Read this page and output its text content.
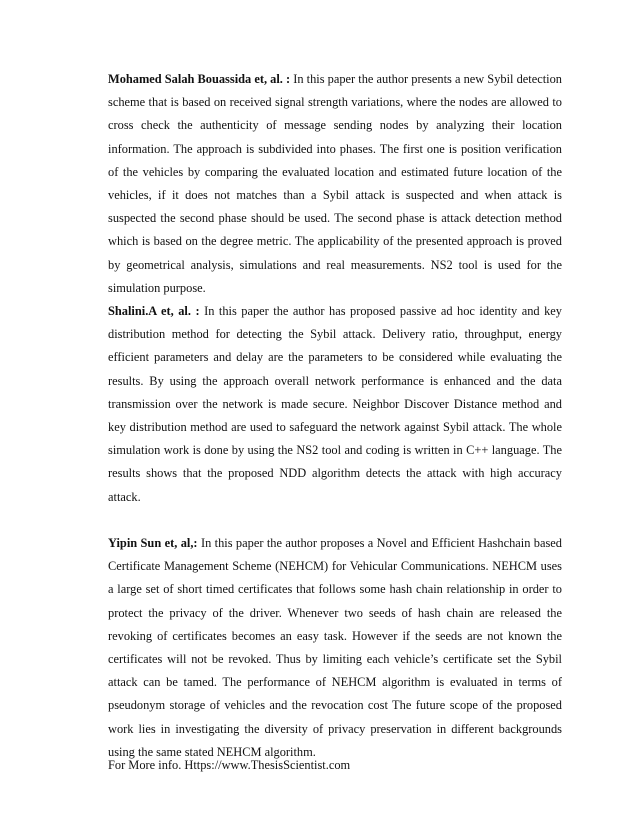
Mohamed Salah Bouassida et, al. : In this paper the author presents a new Sybil detection scheme that is based on received signal strength variations, where the nodes are allowed to cross check the authenticity of message sending nodes by analyzing their location information. The approach is subdivided into phases. The first one is position verification of the vehicles by comparing the evaluated location and estimated future location of the vehicles, if it does not matches than a Sybil attack is suspected and when attack is suspected the second phase should be used. The second phase is attack detection method which is based on the degree metric. The applicability of the presented approach is proved by geometrical analysis, simulations and real measurements. NS2 tool is used for the simulation purpose.

Shalini.A et, al. : In this paper the author has proposed passive ad hoc identity and key distribution method for detecting the Sybil attack. Delivery ratio, throughput, energy efficient parameters and delay are the parameters to be considered while evaluating the results. By using the approach overall network performance is enhanced and the data transmission over the network is made secure. Neighbor Discover Distance method and key distribution method are used to safeguard the network against Sybil attack. The whole simulation work is done by using the NS2 tool and coding is written in C++ language. The results shows that the proposed NDD algorithm detects the attack with high accuracy attack.

Yipin Sun et, al,: In this paper the author proposes a Novel and Efficient Hashchain based Certificate Management Scheme (NEHCM) for Vehicular Communications. NEHCM uses a large set of short timed certificates that follows some hash chain relationship in order to protect the privacy of the driver. Whenever two seeds of hash chain are released the revoking of certificates becomes an easy task. However if the seeds are not known the certificates will not be revoked. Thus by limiting each vehicle’s certificate set the Sybil attack can be tamed. The performance of NEHCM algorithm is evaluated in terms of pseudonym storage of vehicles and the revocation cost The future scope of the proposed work lies in investigating the diversity of privacy preservation in different backgrounds using the same stated NEHCM algorithm.

For More info. Https://www.ThesisScientist.com
